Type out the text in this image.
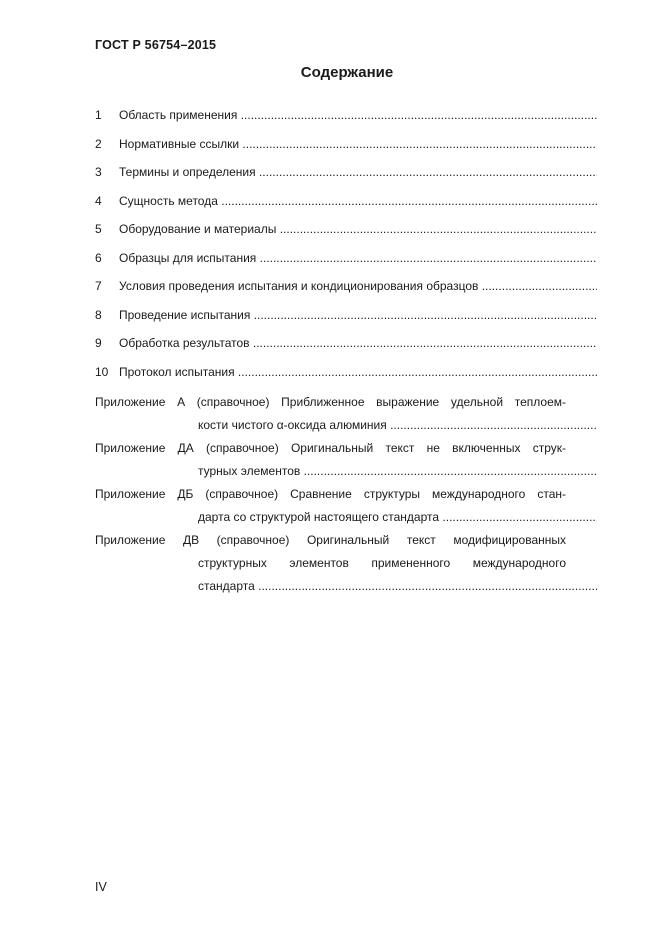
ГОСТ Р 56754–2015
Содержание
1 Область применения .....
2 Нормативные ссылки .....
3 Термины и определения .....
4 Сущность метода .....
5 Оборудование и материалы .....
6 Образцы для испытания .....
7 Условия проведения испытания и кондиционирования образцов .....
8 Проведение испытания .....
9 Обработка результатов .....
10 Протокол испытания .....
Приложение А (справочное) Приближенное выражение удельной теплоем-
кости чистого α-оксида алюминия .....
Приложение ДА (справочное) Оригинальный текст не включенных струк-
турных элементов .....
Приложение ДБ (справочное) Сравнение структуры международного стан-
дарта со структурой настоящего стандарта .....
Приложение ДВ (справочное) Оригинальный текст модифицированных
структурных элементов примененного международного
стандарта .....
IV
